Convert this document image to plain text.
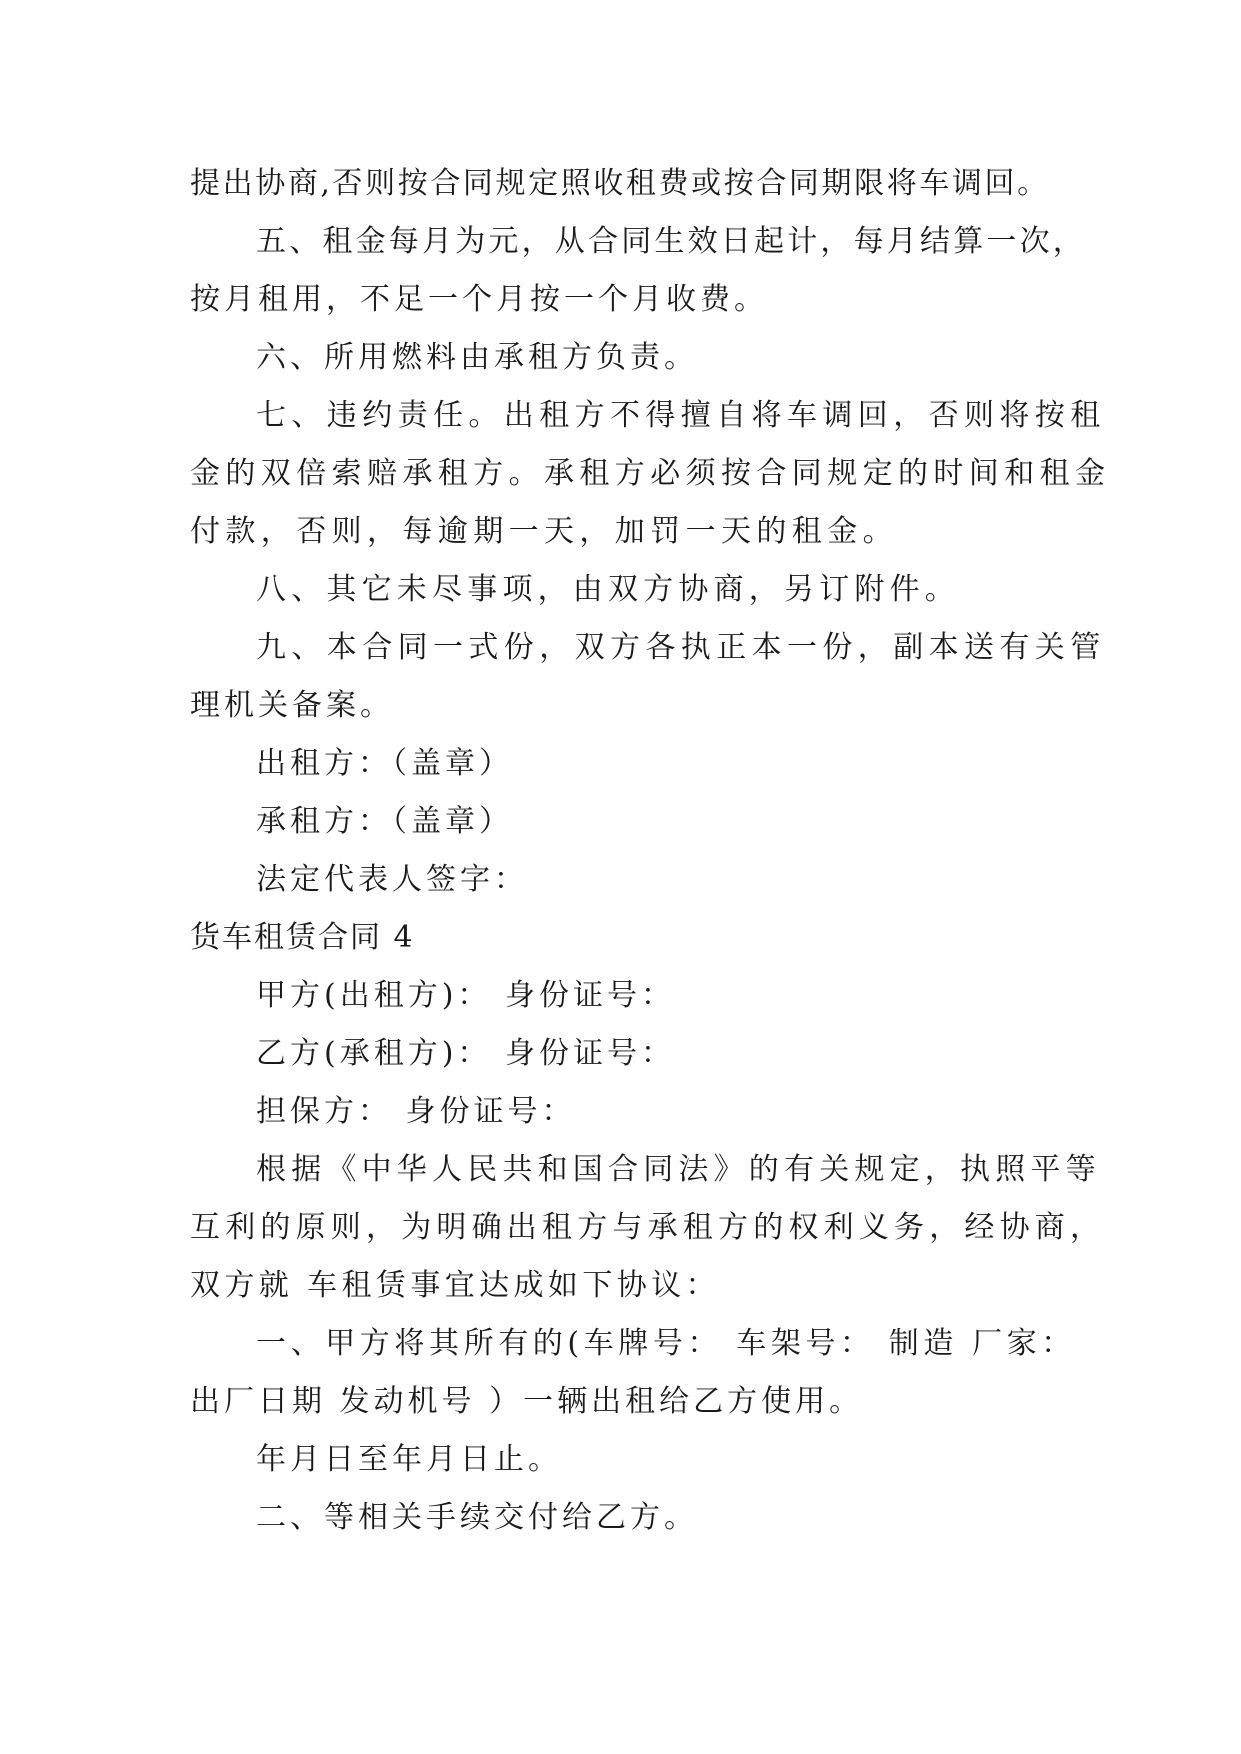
提出协商,否则按合同规定照收租费或按合同期限将车调回。
五、租金每月为元，从合同生效日起计，每月结算一次，
按月租用，不足一个月按一个月收费。
六、所用燃料由承租方负责。
七、违约责任。出租方不得擅自将车调回，否则将按租
金的双倍索赔承租方。承租方必须按合同规定的时间和租金
付款，否则，每逾期一天，加罚一天的租金。
八、其它未尽事项，由双方协商，另订附件。
九、本合同一式份，双方各执正本一份，副本送有关管
理机关备案。
出租方：（盖章）
承租方：（盖章）
法定代表人签字：
货车租赁合同 4
甲方(出租方)： 身份证号：
乙方(承租方)： 身份证号：
担保方： 身份证号：
根据《中华人民共和国合同法》的有关规定，执照平等
互利的原则，为明确出租方与承租方的权利义务，经协商，
双方就 车租赁事宜达成如下协议：
一、甲方将其所有的(车牌号： 车架号： 制造 厂家：
出厂日期 发动机号 ）一辆出租给乙方使用。
年月日至年月日止。
二、等相关手续交付给乙方。
